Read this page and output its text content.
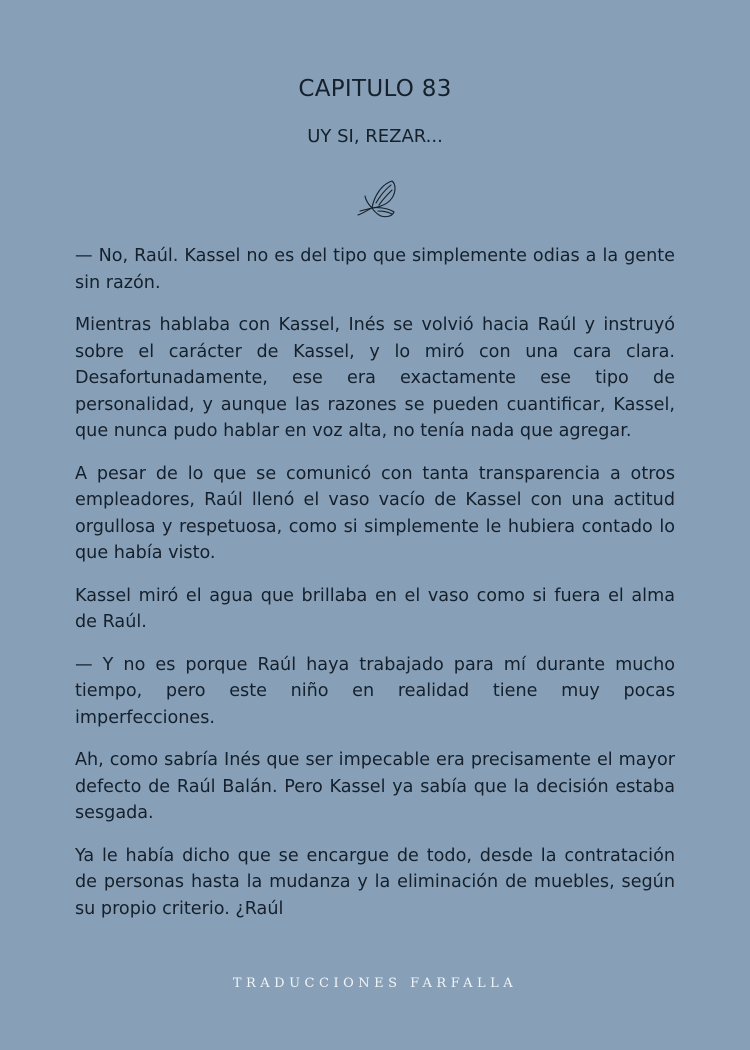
CAPITULO 83
UY SI, REZAR...

— No, Raúl. Kassel no es del tipo que simplemente odias a la gente sin razón.

Mientras hablaba con Kassel, Inés se volvió hacia Raúl y instruyó sobre el carácter de Kassel, y lo miró con una cara clara. Desafortunadamente, ese era exactamente ese tipo de personalidad, y aunque las razones se pueden cuantificar, Kassel, que nunca pudo hablar en voz alta, no tenía nada que agregar.

A pesar de lo que se comunicó con tanta transparencia a otros empleadores, Raúl llenó el vaso vacío de Kassel con una actitud orgullosa y respetuosa, como si simplemente le hubiera contado lo que había visto.

Kassel miró el agua que brillaba en el vaso como si fuera el alma de Raúl.

— Y no es porque Raúl haya trabajado para mí durante mucho tiempo, pero este niño en realidad tiene muy pocas imperfecciones.

Ah, como sabría Inés que ser impecable era precisamente el mayor defecto de Raúl Balán. Pero Kassel ya sabía que la decisión estaba sesgada.

Ya le había dicho que se encargue de todo, desde la contratación de personas hasta la mudanza y la eliminación de muebles, según su propio criterio. ¿Raúl

TRADUCCIONES FARFALLA
